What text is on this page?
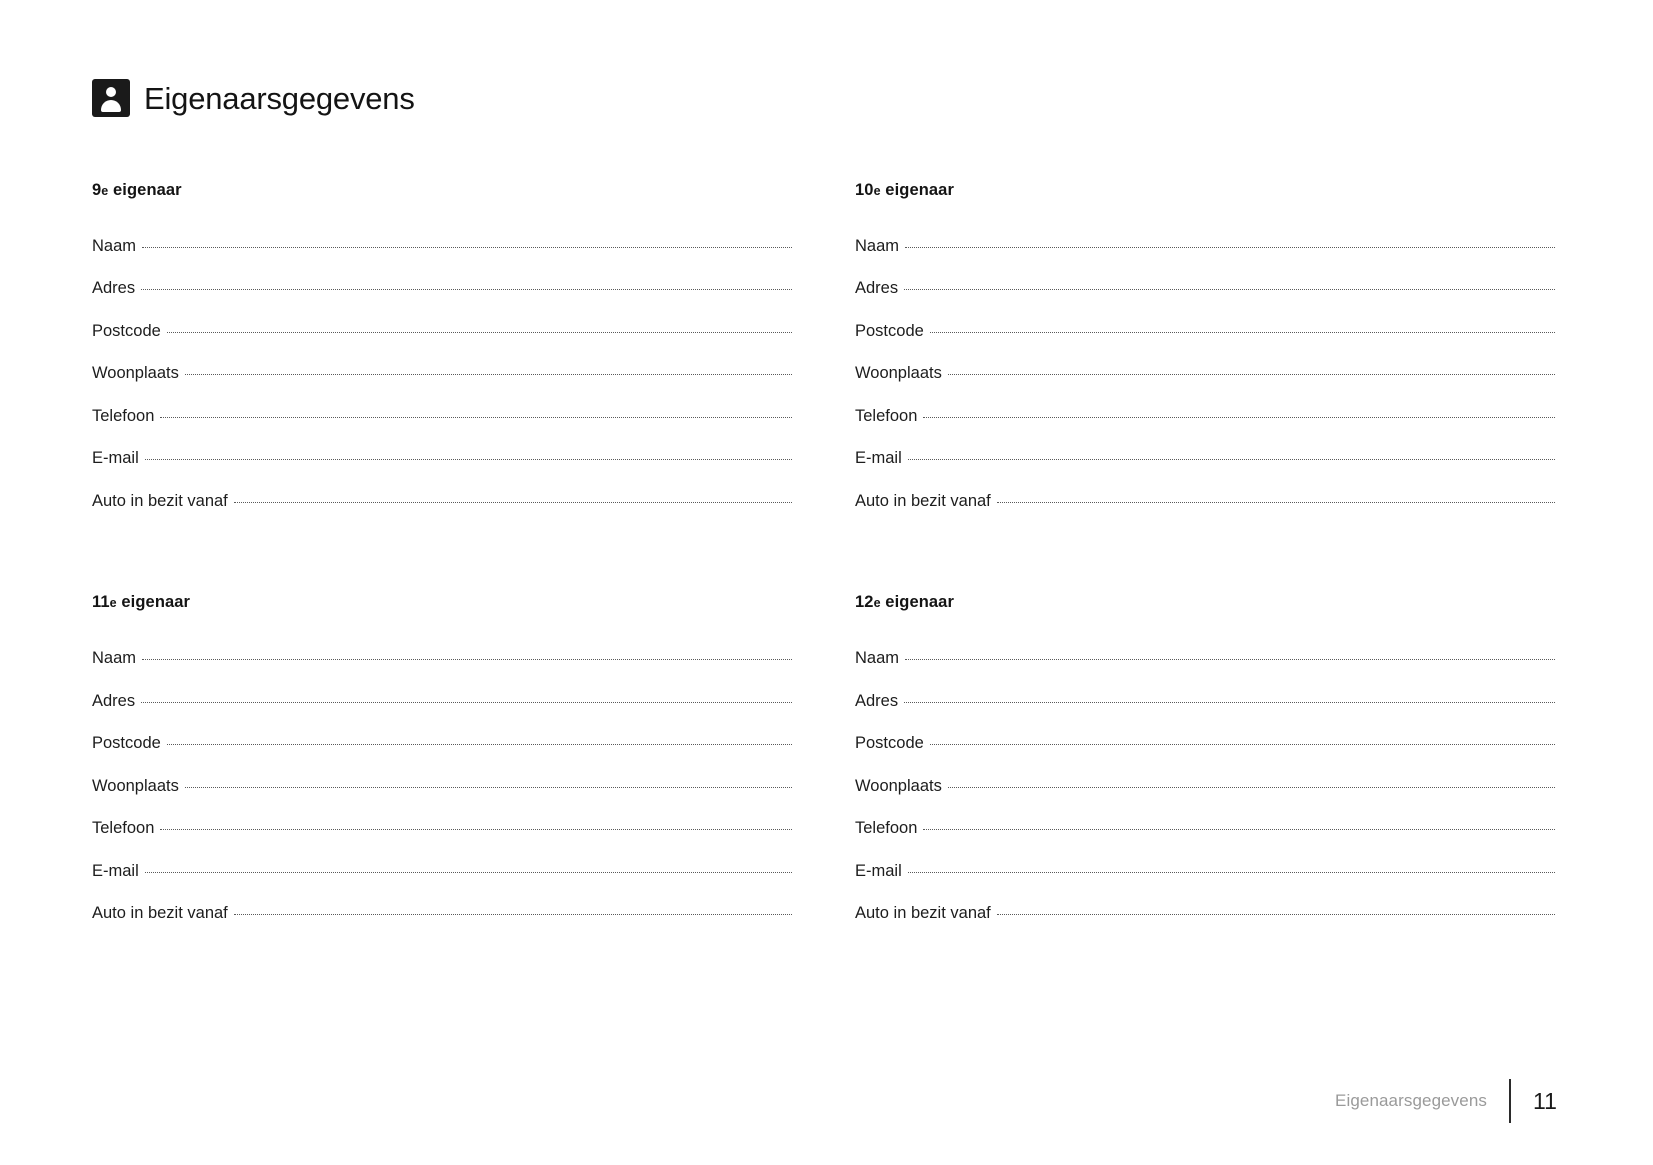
Eigenaarsgegevens
9e eigenaar
Naam
Adres
Postcode
Woonplaats
Telefoon
E-mail
Auto in bezit vanaf
10e eigenaar
Naam
Adres
Postcode
Woonplaats
Telefoon
E-mail
Auto in bezit vanaf
11e eigenaar
Naam
Adres
Postcode
Woonplaats
Telefoon
E-mail
Auto in bezit vanaf
12e eigenaar
Naam
Adres
Postcode
Woonplaats
Telefoon
E-mail
Auto in bezit vanaf
Eigenaarsgegevens 11
